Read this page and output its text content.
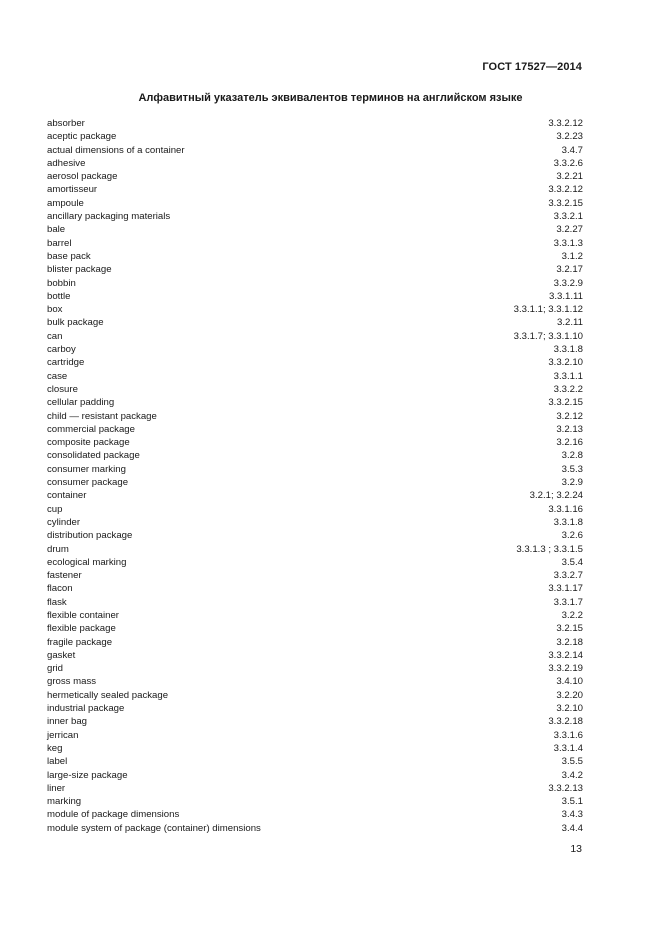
ГОСТ 17527—2014
Алфавитный указатель эквивалентов терминов на английском языке
absorber	3.3.2.12
aceptic package	3.2.23
actual dimensions of a container	3.4.7
adhesive	3.3.2.6
aerosol package	3.2.21
amortisseur	3.3.2.12
ampoule	3.3.2.15
ancillary packaging materials	3.3.2.1
bale	3.2.27
barrel	3.3.1.3
base pack	3.1.2
blister package	3.2.17
bobbin	3.3.2.9
bottle	3.3.1.11
box	3.3.1.1; 3.3.1.12
bulk package	3.2.11
can	3.3.1.7; 3.3.1.10
carboy	3.3.1.8
cartridge	3.3.2.10
case	3.3.1.1
closure	3.3.2.2
cellular padding	3.3.2.15
child — resistant package	3.2.12
commercial package	3.2.13
composite package	3.2.16
consolidated package	3.2.8
consumer marking	3.5.3
consumer package	3.2.9
container	3.2.1; 3.2.24
cup	3.3.1.16
cylinder	3.3.1.8
distribution package	3.2.6
drum	3.3.1.3 ; 3.3.1.5
ecological marking	3.5.4
fastener	3.3.2.7
flacon	3.3.1.17
flask	3.3.1.7
flexible container	3.2.2
flexible package	3.2.15
fragile package	3.2.18
gasket	3.3.2.14
grid	3.3.2.19
gross mass	3.4.10
hermetically sealed package	3.2.20
industrial package	3.2.10
inner bag	3.3.2.18
jerrican	3.3.1.6
keg	3.3.1.4
label	3.5.5
large-size package	3.4.2
liner	3.3.2.13
marking	3.5.1
module of package dimensions	3.4.3
module system of package (container) dimensions	3.4.4
13
